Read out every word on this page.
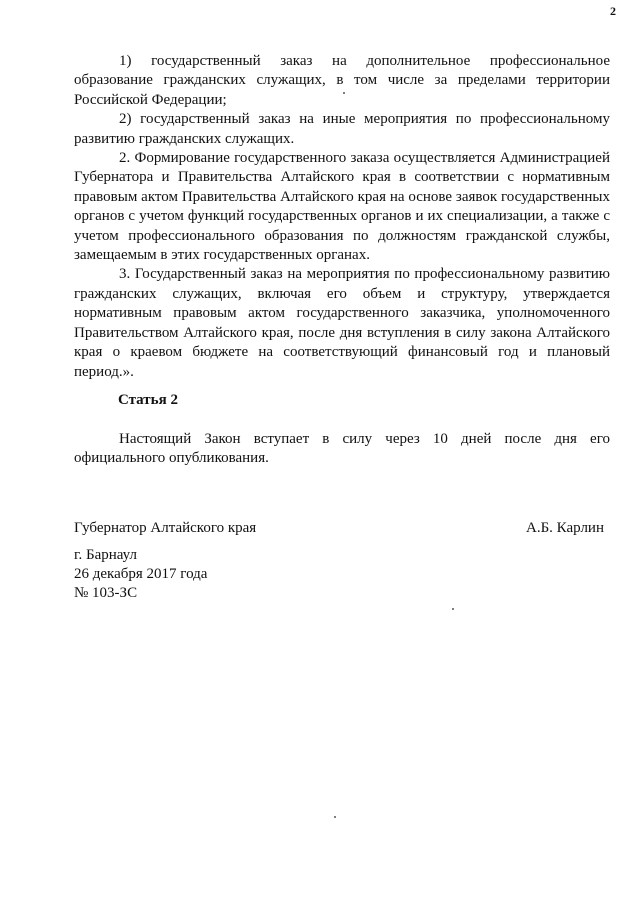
2

1) государственный заказ на дополнительное профессиональное образование гражданских служащих, в том числе за пределами территории Российской Федерации;

2) государственный заказ на иные мероприятия по профессиональному развитию гражданских служащих.

2. Формирование государственного заказа осуществляется Администрацией Губернатора и Правительства Алтайского края в соответствии с нормативным правовым актом Правительства Алтайского края на основе заявок государственных органов с учетом функций государственных органов и их специализации, а также с учетом профессионального образования по должностям гражданской службы, замещаемым в этих государственных органах.

3. Государственный заказ на мероприятия по профессиональному развитию гражданских служащих, включая его объем и структуру, утверждается нормативным правовым актом государственного заказчика, уполномоченного Правительством Алтайского края, после дня вступления в силу закона Алтайского края о краевом бюджете на соответствующий финансовый год и плановый период.».

Статья 2

Настоящий Закон вступает в силу через 10 дней после дня его официального опубликования.

Губернатор Алтайского края	А.Б. Карлин
г. Барнаул
26 декабря 2017 года
№ 103-ЗС
